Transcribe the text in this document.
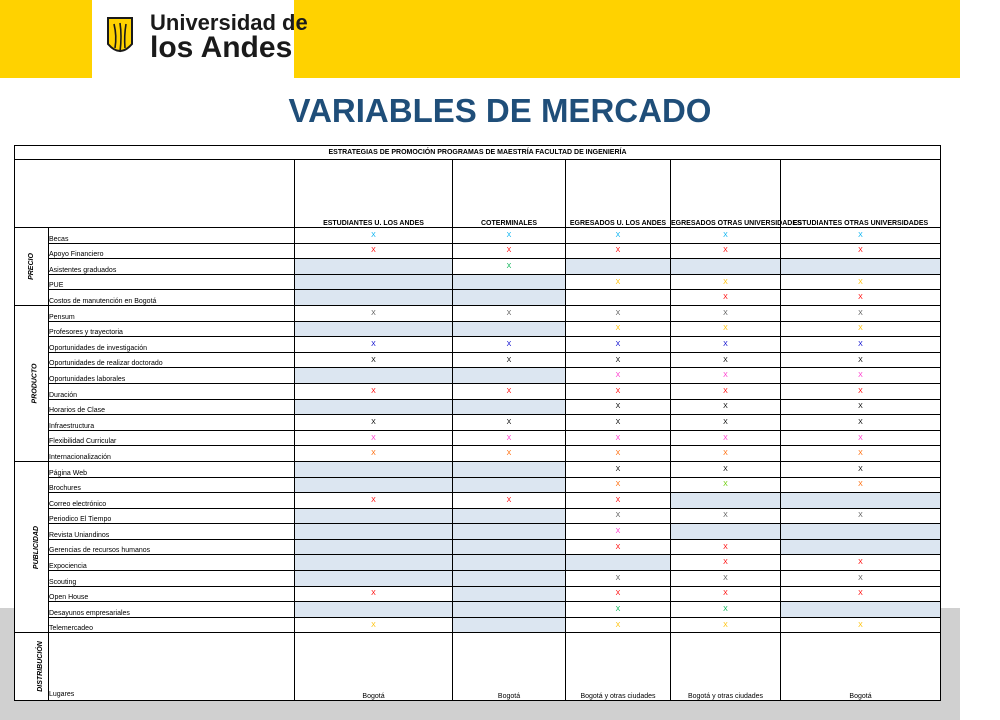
Universidad de
los Andes
VARIABLES DE MERCADO
ESTRATEGIAS DE PROMOCIÓN PROGRAMAS DE MAESTRÍA FACULTAD DE INGENIERÍA						
		ESTUDIANTES U. LOS ANDES	COTERMINALES	EGRESADOS U. LOS ANDES	EGRESADOS OTRAS UNIVERSIDADES	ESTUDIANTES OTRAS UNIVERSIDADES
PRECIO	Becas	X	X	X	X	X
	Apoyo Financiero	X	X	X	X	X
	Asistentes graduados		X			
	PUE			X	X	X
	Costos de manutención en Bogotá				X	X
PRODUCTO	Pensum	X	X	X	X	X
	Profesores y trayectoria			X	X	X
	Oportunidades de investigación	X	X	X	X	X
	Oportunidades de realizar doctorado	X	X	X	X	X
	Oportunidades laborales			X	X	X
	Duración	X	X	X	X	X
	Horarios de Clase			X	X	X
	Infraestructura	X	X	X	X	X
	Flexibilidad Curricular	X	X	X	X	X
	Internacionalización	X	X	X	X	X
PUBLICIDAD	Página Web			X	X	X
	Brochures			X	X	X
	Correo electrónico	X	X	X		
	Periodico El Tiempo			X	X	X
	Revista Uniandinos			X		
	Gerencias de recursos humanos			X	X	
	Expociencia				X	X
	Scouting			X	X	X
	Open House	X		X	X	X
	Desayunos empresariales			X	X	
	Telemercadeo	X		X	X	X
DISTRIBUCIÓN	Lugares	Bogotá	Bogotá	Bogotá y otras ciudades	Bogotá y otras ciudades	Bogotá
